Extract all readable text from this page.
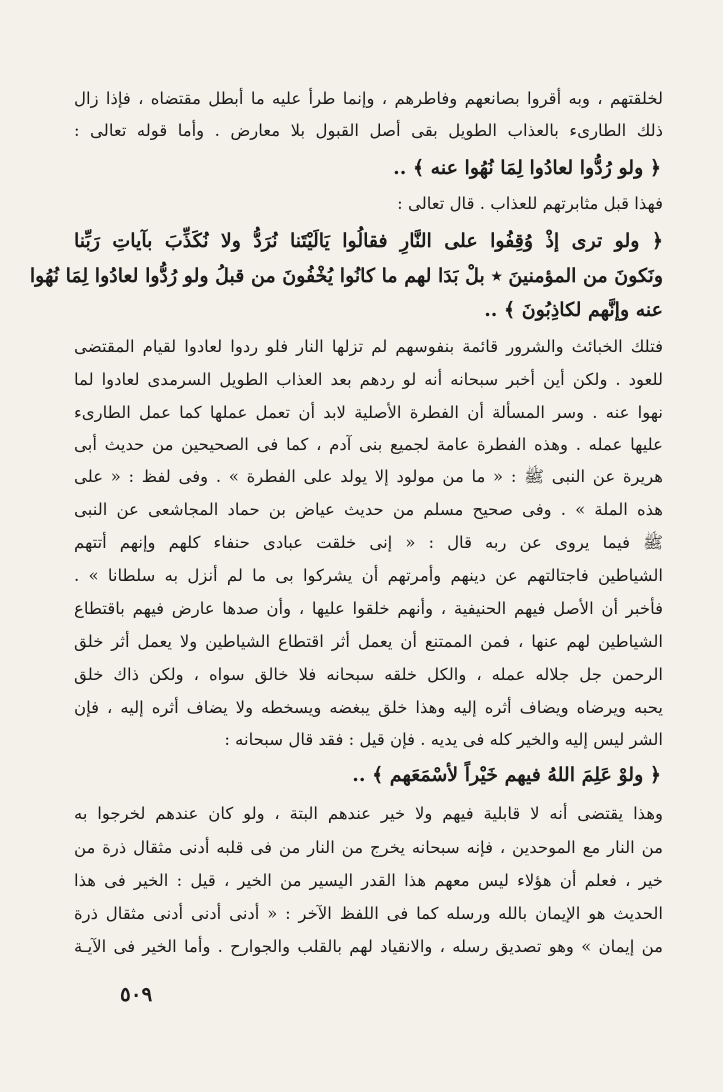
لخلقتهم ، وبه أقروا بصانعهم وفاطرهم ، وإنما طرأ عليه ما أبطل مقتضاه ، فإذا زال
ذلك الطارىء بالعذاب الطويل بقى أصل القبول بلا معارض . وأما قوله تعالى :
﴿ ولو رُدُّوا لعادُوا لِمَا نُهُوا عنه ﴾ ..
فهذا قبل مثابرتهم للعذاب . قال تعالى :
﴿ ولو ترى إذْ وُقِفُوا على النَّارِ فقالُوا يَالَيْتَنا نُرَدُّ ولا نُكَذِّبَ بآياتِ رَبِّنا
ونَكونَ من المؤمنينَ ٭ بلْ بَدَا لهم ما كانُوا يُخْفُونَ من قبلُ ولو رُدُّوا لعادُوا لِمَا نُهُوا
عنه وإنَّهم لكاذِبُونَ ﴾ ..
فتلك الخبائث والشرور قائمة بنفوسهم لم تزلها النار فلو ردوا لعادوا لقيام المقتضى
للعود . ولكن أين أخبر سبحانه أنه لو ردهم بعد العذاب الطويل السرمدى لعادوا لما
نهوا عنه . وسر المسألة أن الفطرة الأصلية لابد أن تعمل عملها كما عمل الطارىء
عليها عمله . وهذه الفطرة عامة لجميع بنى آدم ، كما فى الصحيحين من حديث أبى
هريرة عن النبى ﷺ : « ما من مولود إلا يولد على الفطرة » . وفى لفظ : « على
هذه الملة » . وفى صحيح مسلم من حديث عياض بن حماد المجاشعى عن النبى
ﷺ فيما يروى عن ربه قال : « إنى خلقت عبادى حنفاء كلهم وإنهم أتتهم
الشياطين فاجتالتهم عن دينهم وأمرتهم أن يشركوا بى ما لم أنزل به سلطانا » .
فأخبر أن الأصل فيهم الحنيفية ، وأنهم خلقوا عليها ، وأن صدها عارض فيهم باقتطاع
الشياطين لهم عنها ، فمن الممتنع أن يعمل أثر اقتطاع الشياطين ولا يعمل أثر خلق
الرحمن جل جلاله عمله ، والكل خلقه سبحانه فلا خالق سواه ، ولكن ذاك خلق
يحبه ويرضاه ويضاف أثره إليه وهذا خلق يبغضه ويسخطه ولا يضاف أثره إليه ، فإن
الشر ليس إليه والخير كله فى يديه . فإن قيل : فقد قال سبحانه :
﴿ ولوْ عَلِمَ اللهُ فيهم خَيْراً لأسْمَعَهم ﴾ ..
وهذا يقتضى أنه لا قابلية فيهم ولا خير عندهم البتة ، ولو كان عندهم لخرجوا به
من النار مع الموحدين ، فإنه سبحانه يخرج من النار من فى قلبه أدنى مثقال ذرة من
خير ، فعلم أن هؤلاء ليس معهم هذا القدر اليسير من الخير ، قيل : الخير فى هذا
الحديث هو الإيمان بالله ورسله كما فى اللفظ الآخر : « أدنى أدنى أدنى مثقال ذرة
من إيمان » وهو تصديق رسله ، والانقياد لهم بالقلب والجوارح . وأما الخير فى الآيـة
٥٠٩
